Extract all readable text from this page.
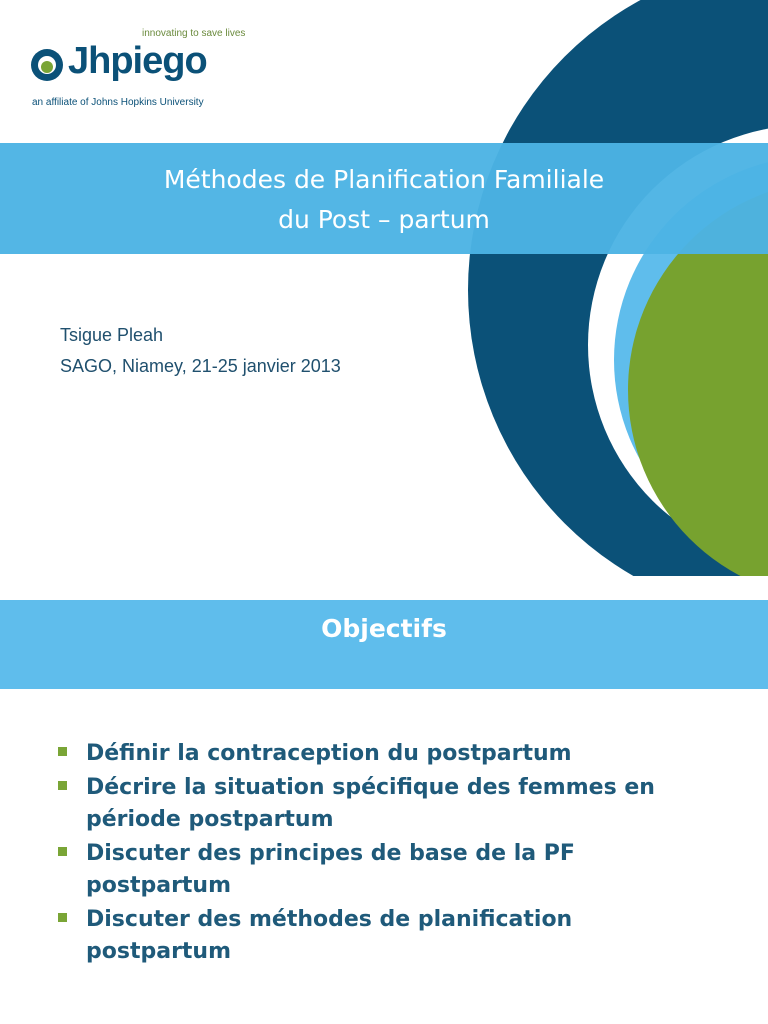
innovating to save lives
Jhpiego
an affiliate of Johns Hopkins University
Méthodes de Planification Familiale
du Post – partum
Tsigue Pleah
SAGO, Niamey, 21-25 janvier 2013
Objectifs
Définir la contraception du postpartum
Décrire la situation spécifique des femmes en période postpartum
Discuter des principes de base de la PF postpartum
Discuter des méthodes de planification postpartum
